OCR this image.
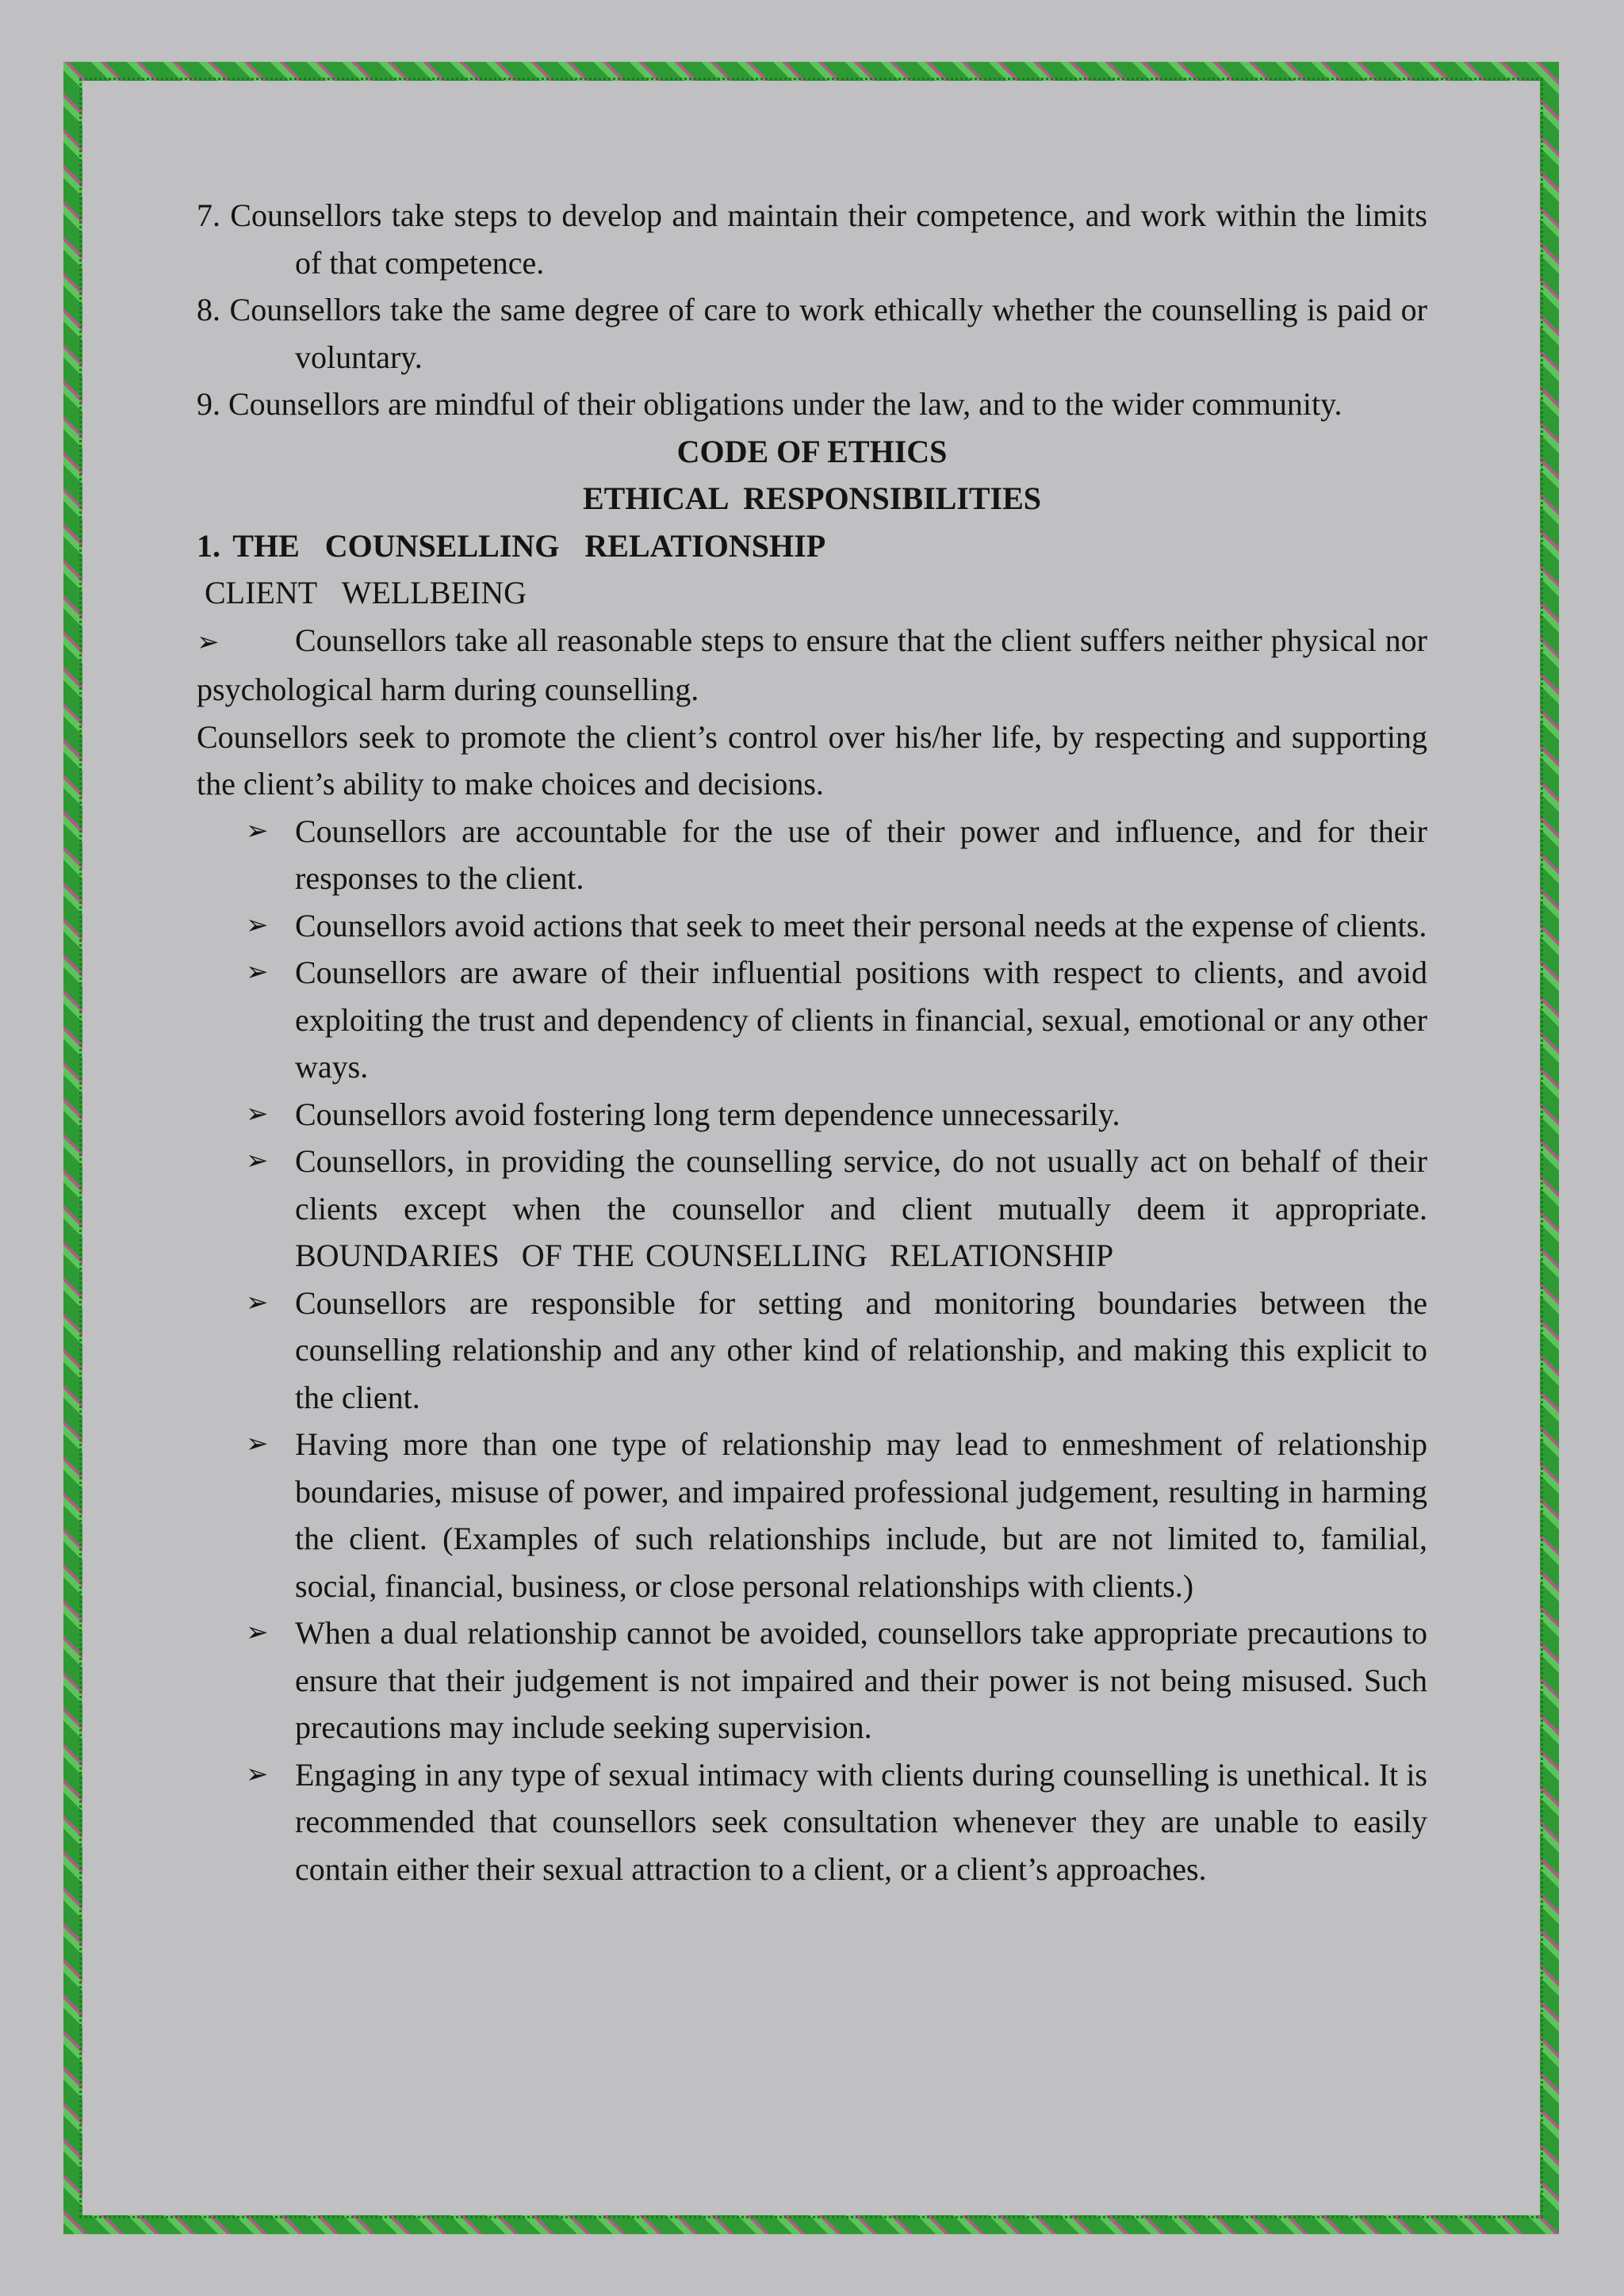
7. Counsellors take steps to develop and maintain their competence, and work within the limits of that competence.

8. Counsellors take the same degree of care to work ethically whether the counselling is paid or voluntary.

9. Counsellors are mindful of their obligations under the law, and to the wider community.

CODE OF ETHICS

ETHICAL  RESPONSIBILITIES

1. THE  COUNSELLING  RELATIONSHIP

CLIENT  WELLBEING

➢ Counsellors take all reasonable steps to ensure that the client suffers neither physical nor psychological harm during counselling.

Counsellors seek to promote the client’s control over his/her life, by respecting and supporting the client’s ability to make choices and decisions.

➢ Counsellors are accountable for the use of their power and influence, and for their responses to the client.

➢ Counsellors avoid actions that seek to meet their personal needs at the expense of clients.

➢ Counsellors are aware of their influential positions with respect to clients, and avoid exploiting the trust and dependency of clients in financial, sexual, emotional or any other ways.

➢ Counsellors avoid fostering long term dependence unnecessarily.

➢ Counsellors, in providing the counselling service, do not usually act on behalf of their clients except when the counsellor and client mutually deem it appropriate. BOUNDARIES  OF THE COUNSELLING  RELATIONSHIP

➢ Counsellors are responsible for setting and monitoring boundaries between the counselling relationship and any other kind of relationship, and making this explicit to the client.

➢ Having more than one type of relationship may lead to enmeshment of relationship boundaries, misuse of power, and impaired professional judgement, resulting in harming the client. (Examples of such relationships include, but are not limited to, familial, social, financial, business, or close personal relationships with clients.)

➢ When a dual relationship cannot be avoided, counsellors take appropriate precautions to ensure that their judgement is not impaired and their power is not being misused. Such precautions may include seeking supervision.

➢ Engaging in any type of sexual intimacy with clients during counselling is unethical. It is recommended that counsellors seek consultation whenever they are unable to easily contain either their sexual attraction to a client, or a client’s approaches.
